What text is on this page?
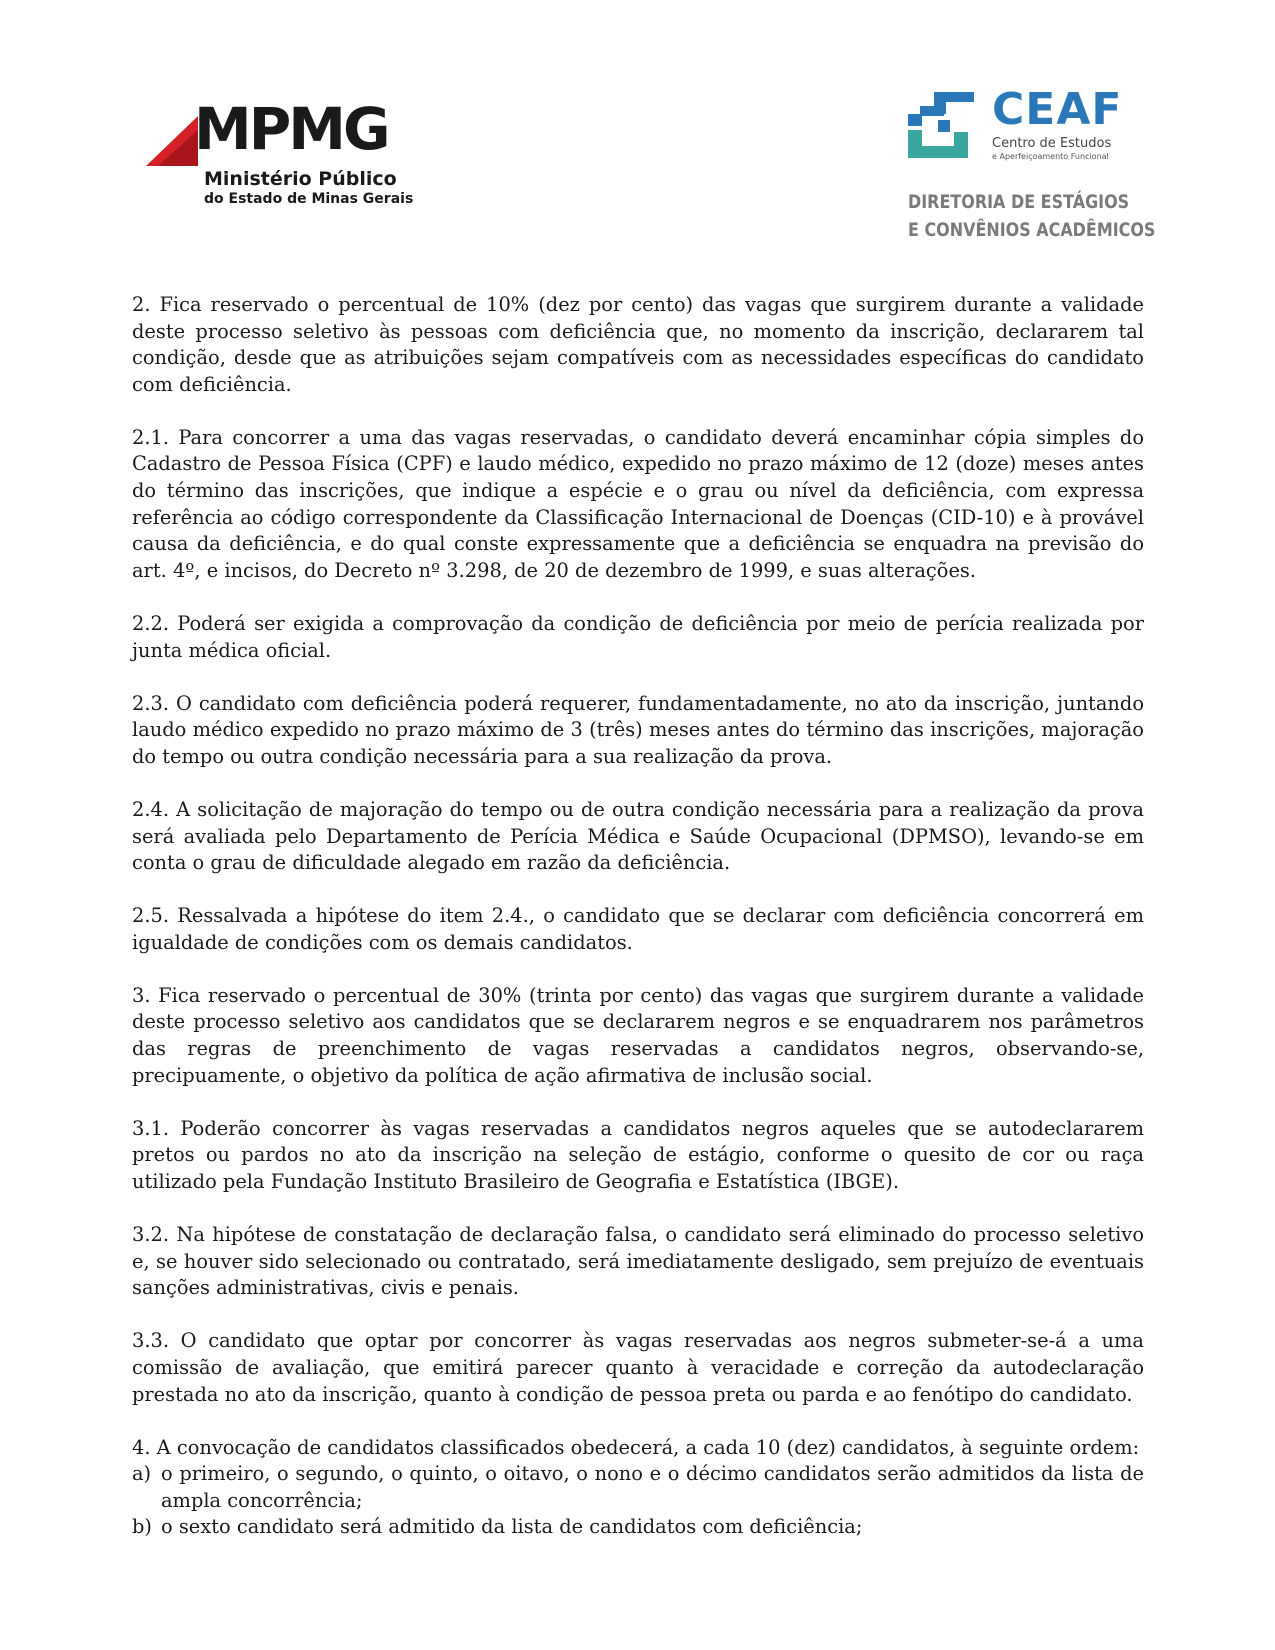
MPMG
Ministério Público
do Estado de Minas Gerais
CEAF
Centro de Estudos
e Aperfeiçoamento Funcional
DIRETORIA DE ESTÁGIOS
E CONVÊNIOS ACADÊMICOS

2. Fica reservado o percentual de 10% (dez por cento) das vagas que surgirem durante a validade deste processo seletivo às pessoas com deficiência que, no momento da inscrição, declararem tal condição, desde que as atribuições sejam compatíveis com as necessidades específicas do candidato com deficiência.

2.1. Para concorrer a uma das vagas reservadas, o candidato deverá encaminhar cópia simples do Cadastro de Pessoa Física (CPF) e laudo médico, expedido no prazo máximo de 12 (doze) meses antes do término das inscrições, que indique a espécie e o grau ou nível da deficiência, com expressa referência ao código correspondente da Classificação Internacional de Doenças (CID-10) e à provável causa da deficiência, e do qual conste expressamente que a deficiência se enquadra na previsão do art. 4º, e incisos, do Decreto nº 3.298, de 20 de dezembro de 1999, e suas alterações.

2.2. Poderá ser exigida a comprovação da condição de deficiência por meio de perícia realizada por junta médica oficial.

2.3. O candidato com deficiência poderá requerer, fundamentadamente, no ato da inscrição, juntando laudo médico expedido no prazo máximo de 3 (três) meses antes do término das inscrições, majoração do tempo ou outra condição necessária para a sua realização da prova.

2.4. A solicitação de majoração do tempo ou de outra condição necessária para a realização da prova será avaliada pelo Departamento de Perícia Médica e Saúde Ocupacional (DPMSO), levando-se em conta o grau de dificuldade alegado em razão da deficiência.

2.5. Ressalvada a hipótese do item 2.4., o candidato que se declarar com deficiência concorrerá em igualdade de condições com os demais candidatos.

3. Fica reservado o percentual de 30% (trinta por cento) das vagas que surgirem durante a validade deste processo seletivo aos candidatos que se declararem negros e se enquadrarem nos parâmetros das regras de preenchimento de vagas reservadas a candidatos negros, observando-se, precipuamente, o objetivo da política de ação afirmativa de inclusão social.

3.1. Poderão concorrer às vagas reservadas a candidatos negros aqueles que se autodeclararem pretos ou pardos no ato da inscrição na seleção de estágio, conforme o quesito de cor ou raça utilizado pela Fundação Instituto Brasileiro de Geografia e Estatística (IBGE).

3.2. Na hipótese de constatação de declaração falsa, o candidato será eliminado do processo seletivo e, se houver sido selecionado ou contratado, será imediatamente desligado, sem prejuízo de eventuais sanções administrativas, civis e penais.

3.3. O candidato que optar por concorrer às vagas reservadas aos negros submeter-se-á a uma comissão de avaliação, que emitirá parecer quanto à veracidade e correção da autodeclaração prestada no ato da inscrição, quanto à condição de pessoa preta ou parda e ao fenótipo do candidato.

4. A convocação de candidatos classificados obedecerá, a cada 10 (dez) candidatos, à seguinte ordem:

a) o primeiro, o segundo, o quinto, o oitavo, o nono e o décimo candidatos serão admitidos da lista de ampla concorrência;
b) o sexto candidato será admitido da lista de candidatos com deficiência;
